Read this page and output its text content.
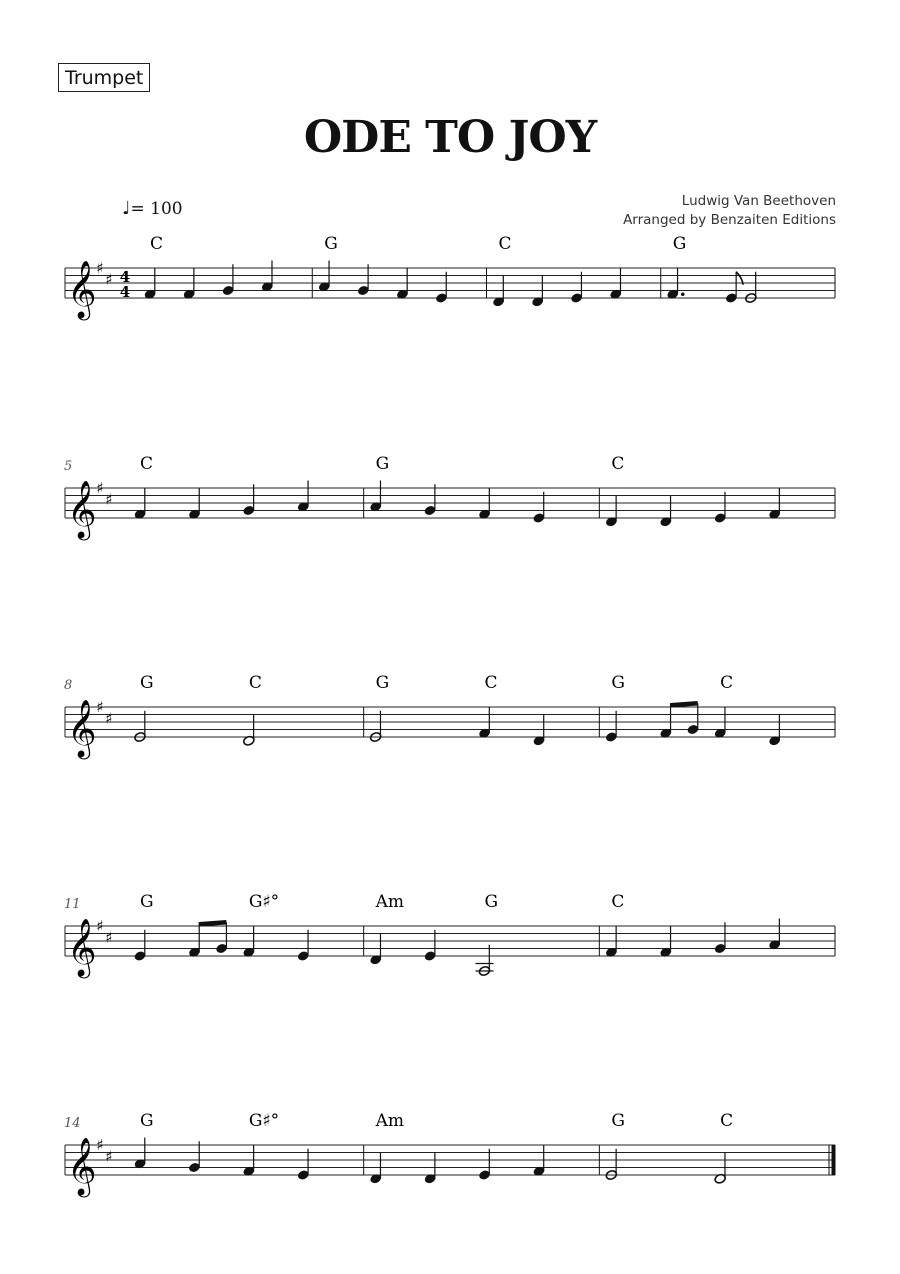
Trumpet
ODE TO JOY
Ludwig Van Beethoven
Arranged by Benzaiten Editions
♩= 100
𝄞 ♯
♯ 4
4
C	G	C	G
𝄞 ♯
♯
5	C	G	C
𝄞 ♯
♯
8	G	C	G	C	G	C
𝄞 ♯
♯
11	G	G♯°	Am	G	C
𝄞 ♯
♯
14	G	G♯°	Am	G	C
